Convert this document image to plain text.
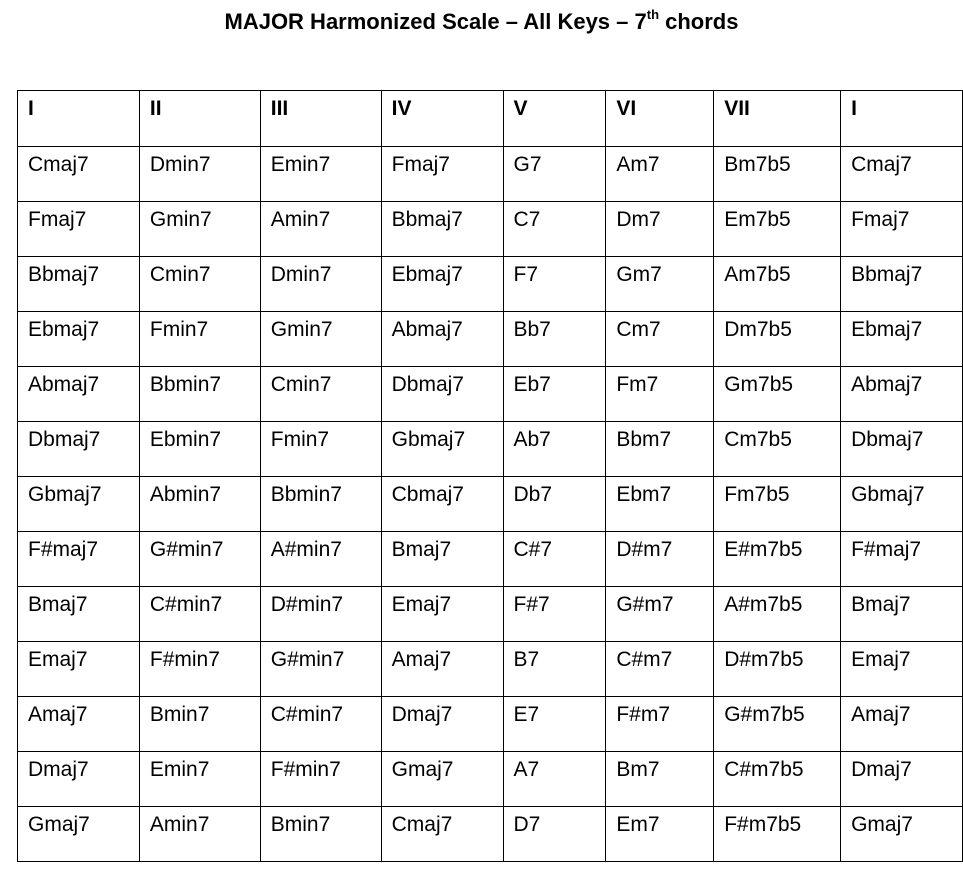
MAJOR Harmonized Scale – All Keys – 7th chords
I	II	III	IV	V	VI	VII	I
Cmaj7	Dmin7	Emin7	Fmaj7	G7	Am7	Bm7b5	Cmaj7
Fmaj7	Gmin7	Amin7	Bbmaj7	C7	Dm7	Em7b5	Fmaj7
Bbmaj7	Cmin7	Dmin7	Ebmaj7	F7	Gm7	Am7b5	Bbmaj7
Ebmaj7	Fmin7	Gmin7	Abmaj7	Bb7	Cm7	Dm7b5	Ebmaj7
Abmaj7	Bbmin7	Cmin7	Dbmaj7	Eb7	Fm7	Gm7b5	Abmaj7
Dbmaj7	Ebmin7	Fmin7	Gbmaj7	Ab7	Bbm7	Cm7b5	Dbmaj7
Gbmaj7	Abmin7	Bbmin7	Cbmaj7	Db7	Ebm7	Fm7b5	Gbmaj7
F#maj7	G#min7	A#min7	Bmaj7	C#7	D#m7	E#m7b5	F#maj7
Bmaj7	C#min7	D#min7	Emaj7	F#7	G#m7	A#m7b5	Bmaj7
Emaj7	F#min7	G#min7	Amaj7	B7	C#m7	D#m7b5	Emaj7
Amaj7	Bmin7	C#min7	Dmaj7	E7	F#m7	G#m7b5	Amaj7
Dmaj7	Emin7	F#min7	Gmaj7	A7	Bm7	C#m7b5	Dmaj7
Gmaj7	Amin7	Bmin7	Cmaj7	D7	Em7	F#m7b5	Gmaj7
